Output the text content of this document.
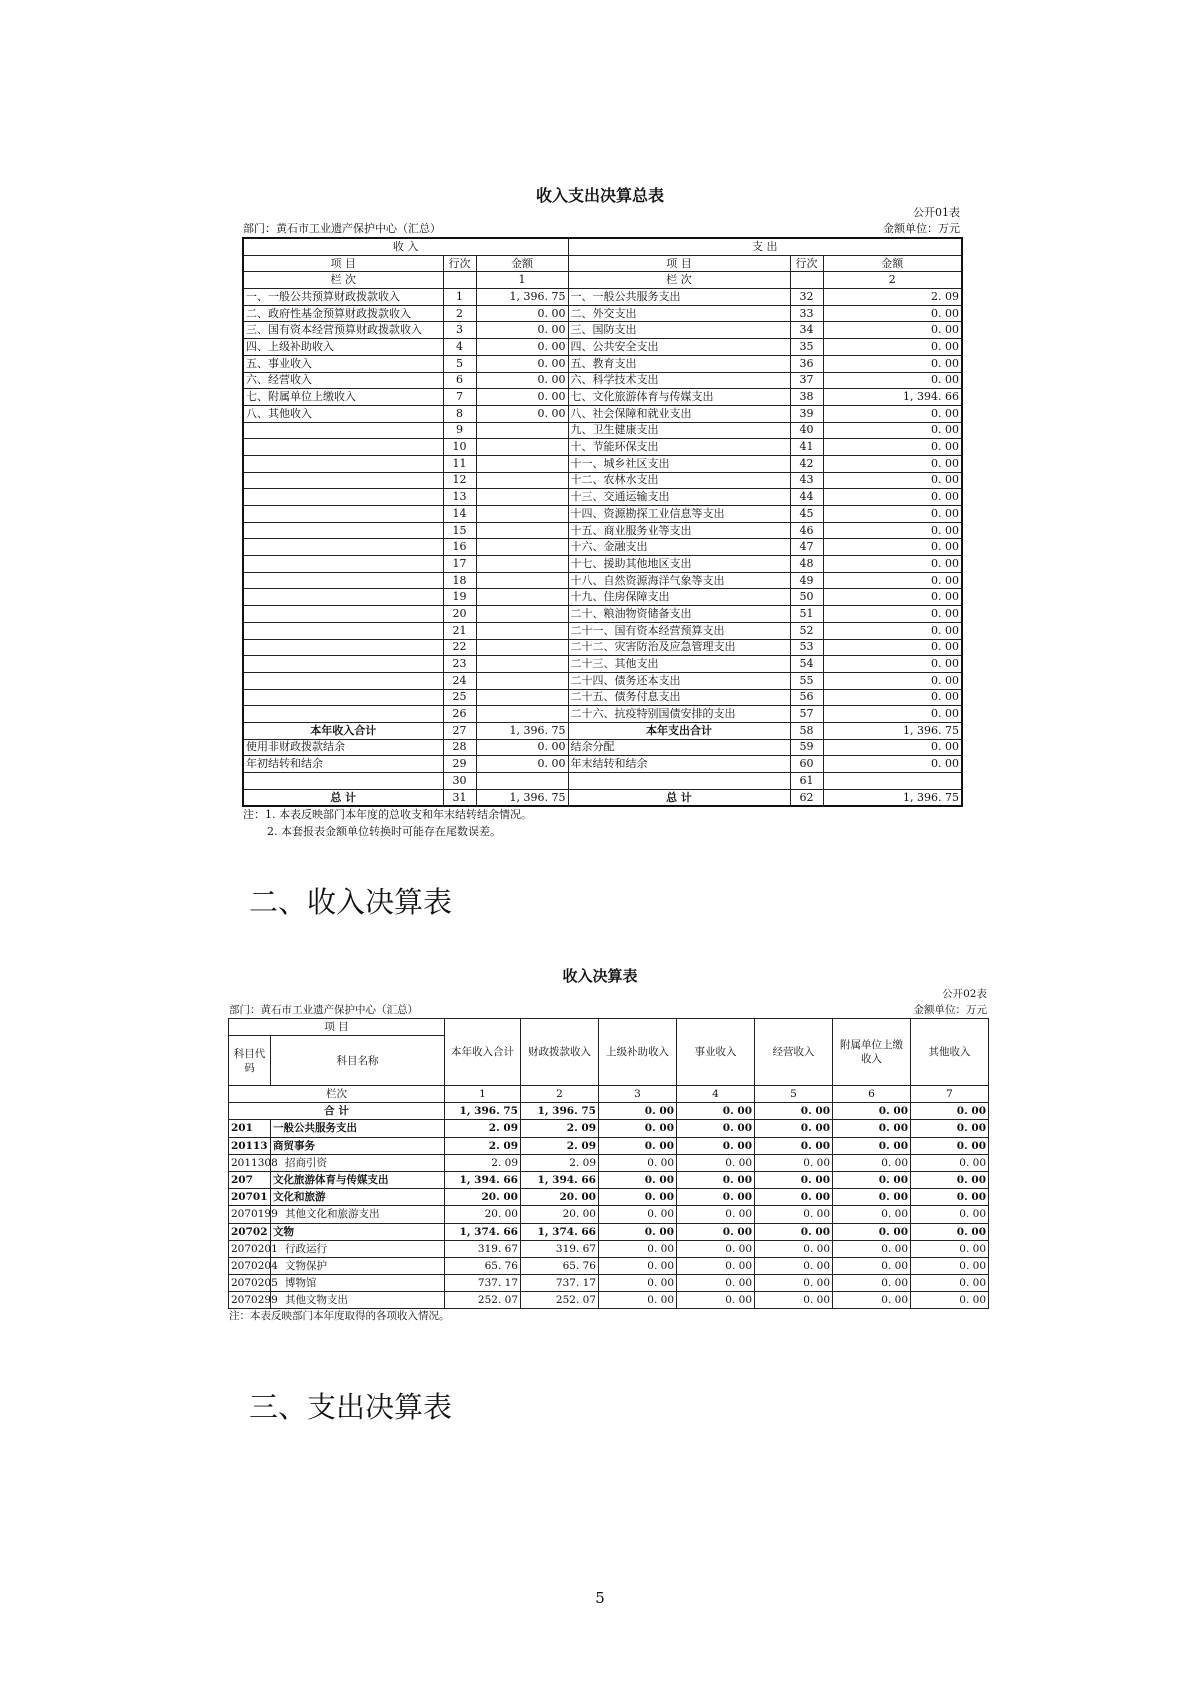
收入支出决算总表
公开01表
部门：黄石市工业遗产保护中心（汇总）	金额单位：万元
收 入			支 出		
项 目	行次	金额	项 目	行次	金额
栏 次		1	栏 次		2
一、一般公共预算财政拨款收入	1	1, 396. 75	一、一般公共服务支出	32	2. 09
二、政府性基金预算财政拨款收入	2	0. 00	二、外交支出	33	0. 00
三、国有资本经营预算财政拨款收入	3	0. 00	三、国防支出	34	0. 00
四、上级补助收入	4	0. 00	四、公共安全支出	35	0. 00
五、事业收入	5	0. 00	五、教育支出	36	0. 00
六、经营收入	6	0. 00	六、科学技术支出	37	0. 00
七、附属单位上缴收入	7	0. 00	七、文化旅游体育与传媒支出	38	1, 394. 66
八、其他收入	8	0. 00	八、社会保障和就业支出	39	0. 00
	9		九、卫生健康支出	40	0. 00
	10		十、节能环保支出	41	0. 00
	11		十一、城乡社区支出	42	0. 00
	12		十二、农林水支出	43	0. 00
	13		十三、交通运输支出	44	0. 00
	14		十四、资源勘探工业信息等支出	45	0. 00
	15		十五、商业服务业等支出	46	0. 00
	16		十六、金融支出	47	0. 00
	17		十七、援助其他地区支出	48	0. 00
	18		十八、自然资源海洋气象等支出	49	0. 00
	19		十九、住房保障支出	50	0. 00
	20		二十、粮油物资储备支出	51	0. 00
	21		二十一、国有资本经营预算支出	52	0. 00
	22		二十二、灾害防治及应急管理支出	53	0. 00
	23		二十三、其他支出	54	0. 00
	24		二十四、债务还本支出	55	0. 00
	25		二十五、债务付息支出	56	0. 00
	26		二十六、抗疫特别国债安排的支出	57	0. 00
本年收入合计	27	1, 396. 75	本年支出合计	58	1, 396. 75
使用非财政拨款结余	28	0. 00	结余分配	59	0. 00
年初结转和结余	29	0. 00	年末结转和结余	60	0. 00
	30			61	
总 计	31	1, 396. 75	总 计	62	1, 396. 75
注：1. 本表反映部门本年度的总收支和年末结转结余情况。
2. 本套报表金额单位转换时可能存在尾数误差。
二、收入决算表
收入决算表
公开02表
部门：黄石市工业遗产保护中心（汇总）	金额单位：万元
项 目		本年收入合计	财政拨款收入	上级补助收入	事业收入	经营收入	附属单位上缴收入	其他收入
科目代码	科目名称							
栏次		1	2	3	4	5	6	7
合 计		1, 396. 75	1, 396. 75	0. 00	0. 00	0. 00	0. 00	0. 00
201	一般公共服务支出	2. 09	2. 09	0. 00	0. 00	0. 00	0. 00	0. 00
20113	商贸事务	2. 09	2. 09	0. 00	0. 00	0. 00	0. 00	0. 00
2011308	招商引资	2. 09	2. 09	0. 00	0. 00	0. 00	0. 00	0. 00
207	文化旅游体育与传媒支出	1, 394. 66	1, 394. 66	0. 00	0. 00	0. 00	0. 00	0. 00
20701	文化和旅游	20. 00	20. 00	0. 00	0. 00	0. 00	0. 00	0. 00
2070199	其他文化和旅游支出	20. 00	20. 00	0. 00	0. 00	0. 00	0. 00	0. 00
20702	文物	1, 374. 66	1, 374. 66	0. 00	0. 00	0. 00	0. 00	0. 00
2070201	行政运行	319. 67	319. 67	0. 00	0. 00	0. 00	0. 00	0. 00
2070204	文物保护	65. 76	65. 76	0. 00	0. 00	0. 00	0. 00	0. 00
2070205	博物馆	737. 17	737. 17	0. 00	0. 00	0. 00	0. 00	0. 00
2070299	其他文物支出	252. 07	252. 07	0. 00	0. 00	0. 00	0. 00	0. 00
注：本表反映部门本年度取得的各项收入情况。
三、支出决算表
5
